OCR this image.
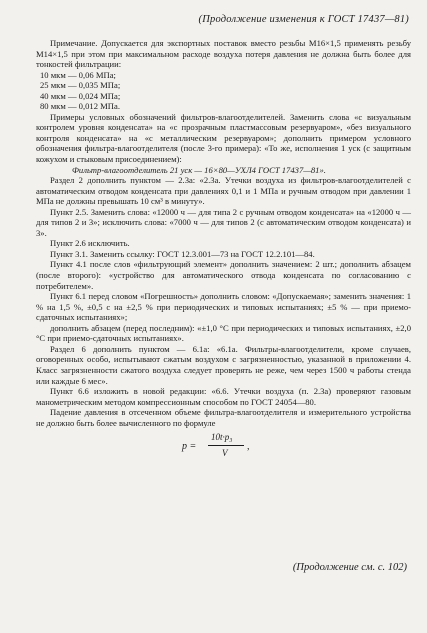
(Продолжение изменения к ГОСТ 17437—81)

Примечание. Допускается для экспортных поставок вместо резьбы М16×1,5 применять резьбу М14×1,5 при этом при максимальном расходе воздуха потеря давления не должна быть более для тонкостей фильтрации:

10 мкм — 0,06 МПа;
25 мкм — 0,035 МПа;
40 мкм — 0,024 МПа;
80 мкм — 0,012 МПа.

Примеры условных обозначений фильтров-влагоотделителей. Заменить слова «с визуальным контролем уровня конденсата» на «с прозрачным пластмассовым резервуаром», «без визуального контроля конденсата» на «с металлическим резервуаром»; дополнить примером условного обозначения фильтра-влагоотделителя (после 3-го примера): «То же, исполнения 1 уск (с защитным кожухом и стыковым присоединением):

Фильтр-влагоотделитель 21 уск — 16×80—УХЛ4 ГОСТ 17437—81».

Раздел 2 дополнить пунктом — 2.3а: «2.3а. Утечки воздуха из фильтров-влагоотделителей с автоматическим отводом конденсата при давлениях 0,1 и 1 МПа и ручным отводом при давлении 1 МПа не должны превышать 10 см³ в минуту».

Пункт 2.5. Заменить слова: «12000 ч — для типа 2 с ручным отводом конденсата» на «12000 ч — для типов 2 и 3»; исключить слова: «7000 ч — для типов 2 (с автоматическим отводом конденсата) и 3».

Пункт 2.6 исключить.

Пункт 3.1. Заменить ссылку: ГОСТ 12.3.001—73 на ГОСТ 12.2.101—84.

Пункт 4.1 после слов «фильтрующий элемент» дополнить значением: 2 шт.; дополнить абзацем (после второго): «устройство для автоматического отвода конденсата по согласованию с потребителем».

Пункт 6.1 перед словом «Погрешность» дополнить словом: «Допускаемая»; заменить значения: 1 % на 1,5 %, ±0,5 с на ±2,5 % при периодических и типовых испытаниях; ±5 % — при приемо-сдаточных испытаниях»;

дополнить абзацем (перед последним): «±1,0 °С при периодических и типовых испытаниях, ±2,0 °С при приемо-сдаточных испытаниях».

Раздел 6 дополнить пунктом — 6.1а: «6.1а. Фильтры-влагоотделители, кроме случаев, оговоренных особо, испытывают сжатым воздухом с загрязненностью, указанной в приложении 4. Класс загрязненности сжатого воздуха следует проверять не реже, чем через 1500 ч работы стенда или каждые 6 мес».

Пункт 6.6 изложить в новой редакции: «6.6. Утечки воздуха (п. 2.3а) проверяют газовым манометрическим методом компрессионным способом по ГОСТ 24054—80.

Падение давления в отсеченном объеме фильтра-влагоотделителя и измерительного устройства не должно быть более вычисленного по формуле

p =
10t·p₃
V
,
(Продолжение см. с. 102)
